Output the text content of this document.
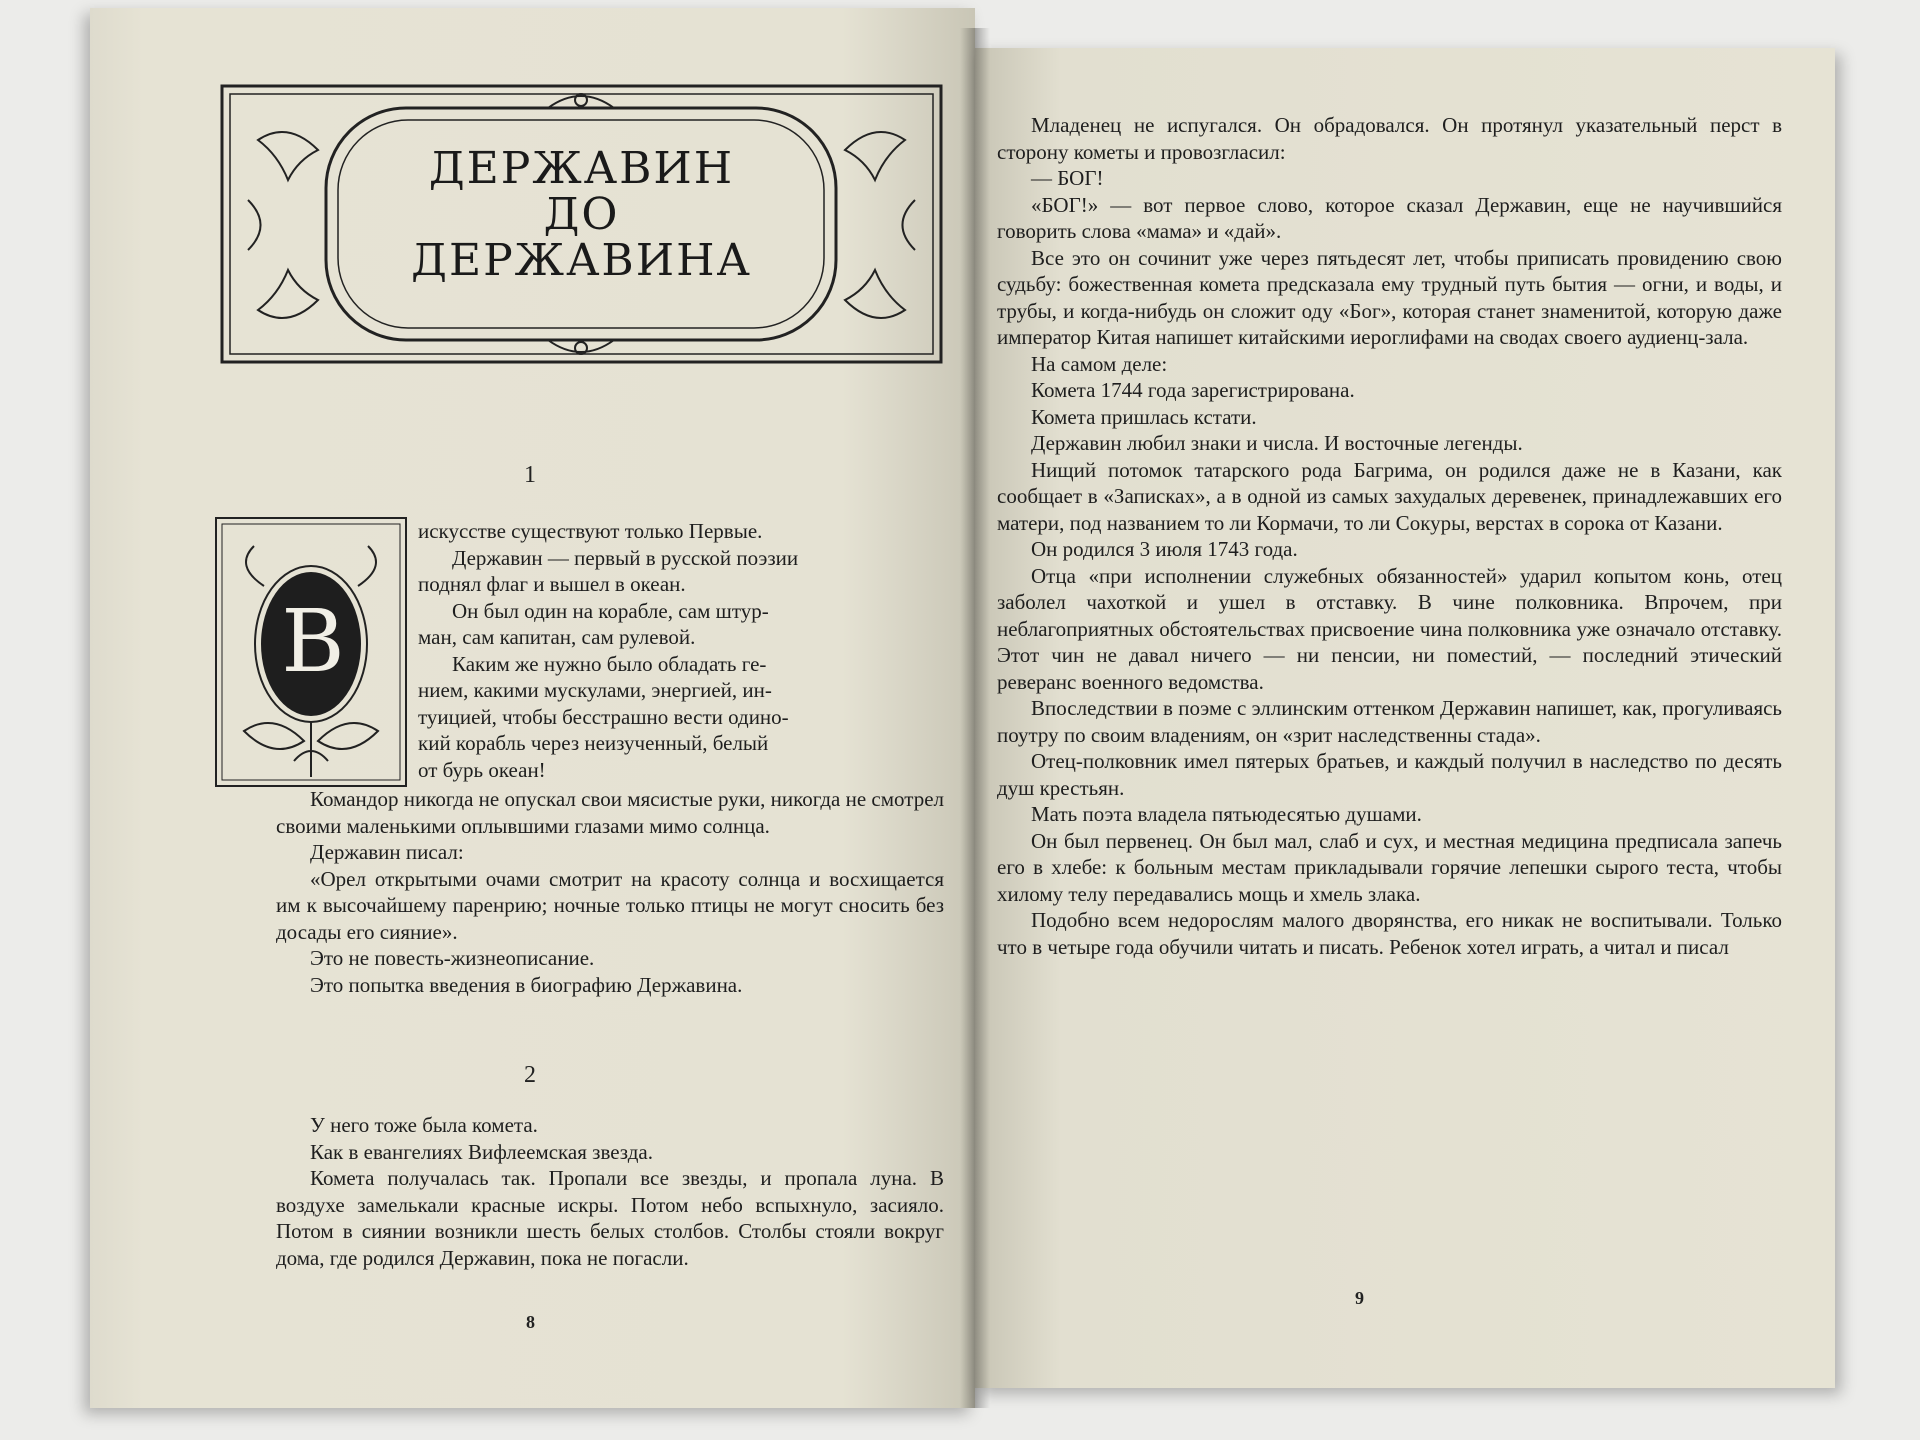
ДЕРЖАВИН
ДО
ДЕРЖАВИНА
1
В

искусстве существуют только Первые.

Державин — первый в русской поэзии

поднял флаг и вышел в океан.

Он был один на корабле, сам штур-

ман, сам капитан, сам рулевой.

Каким же нужно было обладать ге-

нием, какими мускулами, энергией, ин-

туицией, чтобы бесстрашно вести одино-

кий корабль через неизученный, белый

от бурь океан!

Командор никогда не опускал свои мясистые руки, никогда не смотрел своими маленькими оплывшими глазами мимо солнца.

Державин писал:

«Орел открытыми очами смотрит на красоту солнца и восхищается им к высочайшему паренрию; ночные только птицы не могут сносить без досады его сияние».

Это не повесть-жизнеописание.

Это попытка введения в биографию Державина.

2

У него тоже была комета.

Как в евангелиях Вифлеемская звезда.

Комета получалась так. Пропали все звезды, и пропала луна. В воздухе замелькали красные искры. Потом небо вспыхнуло, засияло. Потом в сиянии возникли шесть белых столбов. Столбы стояли вокруг дома, где родился Державин, пока не погасли.

8

Младенец не испугался. Он обрадовался. Он протянул указательный перст в сторону кометы и провозгласил:

— БОГ!

«БОГ!» — вот первое слово, которое сказал Державин, еще не научившийся говорить слова «мама» и «дай».

Все это он сочинит уже через пятьдесят лет, чтобы приписать провидению свою судьбу: божественная комета предсказала ему трудный путь бытия — огни, и воды, и трубы, и когда-нибудь он сложит оду «Бог», которая станет знаменитой, которую даже император Китая напишет китайскими иероглифами на сводах своего аудиенц-зала.

На самом деле:

Комета 1744 года зарегистрирована.

Комета пришлась кстати.

Державин любил знаки и числа. И восточные легенды.

Нищий потомок татарского рода Багрима, он родился даже не в Казани, как сообщает в «Записках», а в одной из самых захудалых деревенек, принадлежавших его матери, под названием то ли Кормачи, то ли Сокуры, верстах в сорока от Казани.

Он родился 3 июля 1743 года.

Отца «при исполнении служебных обязанностей» ударил копытом конь, отец заболел чахоткой и ушел в отставку. В чине полковника. Впрочем, при неблагоприятных обстоятельствах присвоение чина полковника уже означало отставку. Этот чин не давал ничего — ни пенсии, ни поместий, — последний этический реверанс военного ведомства.

Впоследствии в поэме с эллинским оттенком Державин напишет, как, прогуливаясь поутру по своим владениям, он «зрит наследственны стада».

Отец-полковник имел пятерых братьев, и каждый получил в наследство по десять душ крестьян.

Мать поэта владела пятьюдесятью душами.

Он был первенец. Он был мал, слаб и сух, и местная медицина предписала запечь его в хлебе: к больным местам прикладывали горячие лепешки сырого теста, чтобы хилому телу передавались мощь и хмель злака.

Подобно всем недорослям малого дворянства, его никак не воспитывали. Только что в четыре года обучили читать и писать. Ребенок хотел играть, а читал и писал

9
